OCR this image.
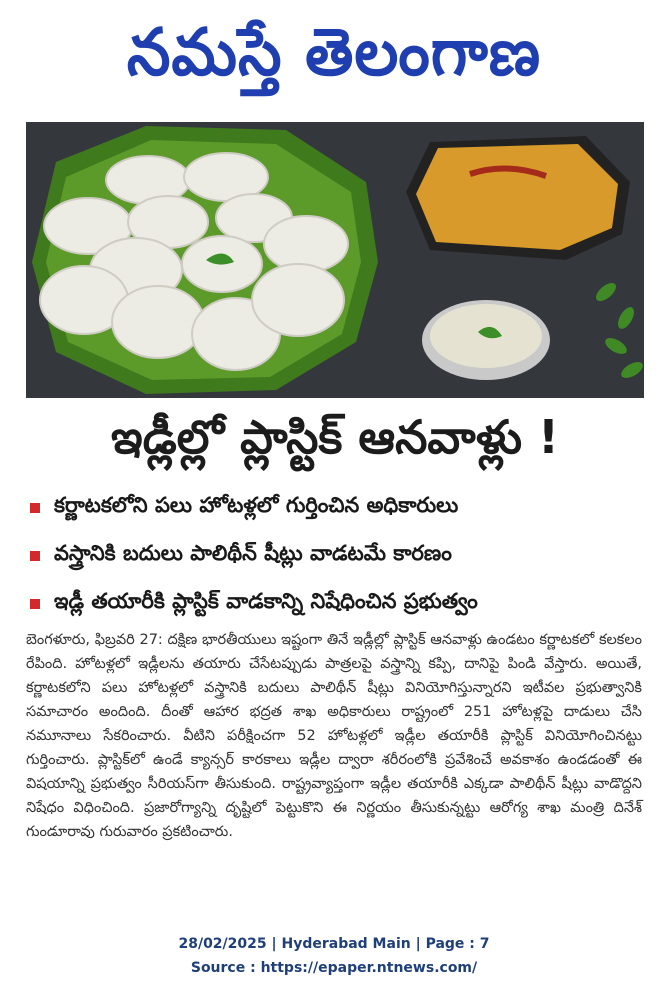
నమస్తే తెలంగాణ
ఇడ్లీల్లో ప్లాస్టిక్ ఆనవాళ్లు !
కర్ణాటకలోని పలు హోటళ్లలో గుర్తించిన అధికారులు
వస్త్రానికి బదులు పాలిథీన్ షీట్లు వాడటమే కారణం
ఇడ్లీ తయారీకి ప్లాస్టిక్ వాడకాన్ని నిషేధించిన ప్రభుత్వం
బెంగళూరు, ఫిబ్రవరి 27: దక్షిణ భారతీయులు ఇష్టంగా తినే ఇడ్లీల్లో ప్లాస్టిక్ ఆనవాళ్లు ఉండటం కర్ణాటకలో కలకలం రేపింది. హోటళ్లలో ఇడ్లీలను తయారు చేసేటప్పుడు పాత్రలపై వస్త్రాన్ని కప్పి, దానిపై పిండి వేస్తారు. అయితే, కర్ణాటకలోని పలు హోటళ్లలో వస్త్రానికి బదులు పాలిథీన్ షీట్లు వినియోగిస్తున్నారని ఇటీవల ప్రభుత్వానికి సమాచారం అందింది. దీంతో ఆహార భద్రత శాఖ అధికారులు రాష్ట్రంలో 251 హోటళ్లపై దాడులు చేసి నమూనాలు సేకరించారు. వీటిని పరీక్షించగా 52 హోటళ్లలో ఇడ్లీల తయారీకి ప్లాస్టిక్ వినియోగించినట్టు గుర్తించారు. ప్లాస్టిక్‌లో ఉండే క్యాన్సర్ కారకాలు ఇడ్లీల ద్వారా శరీరంలోకి ప్రవేశించే అవకాశం ఉండడంతో ఈ విషయాన్ని ప్రభుత్వం సీరియస్‌గా తీసుకుంది. రాష్ట్రవ్యాప్తంగా ఇడ్లీల తయారీకి ఎక్కడా పాలిథీన్ షీట్లు వాడొద్దని నిషేధం విధించింది. ప్రజారోగ్యాన్ని దృష్టిలో పెట్టుకొని ఈ నిర్ణయం తీసుకున్నట్టు ఆరోగ్య శాఖ మంత్రి దినేశ్ గుండూరావు గురువారం ప్రకటించారు.
28/02/2025 | Hyderabad Main | Page : 7
Source : https://epaper.ntnews.com/
